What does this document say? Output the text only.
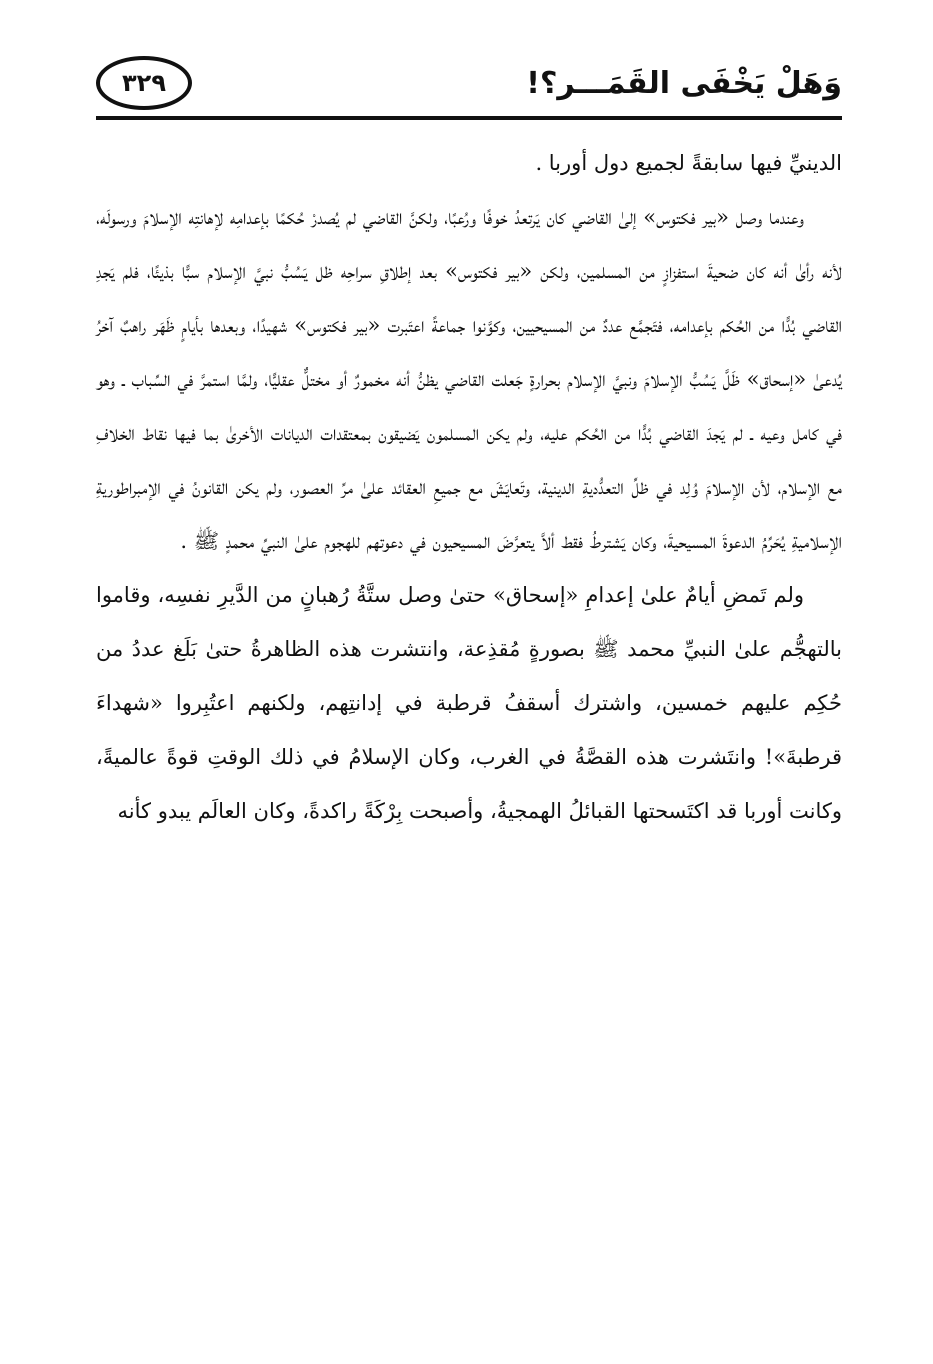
وَهَلْ يَخْفَى القَمَـــر؟!
٣٢٩

الدينيِّ فيها سابقةً لجميع دول أوربا .

وعندما وصل «بير فكتوس» إلىٰ القاضي كان يَرتعدُ خوفًا ورُعبًا، ولكنَّ القاضي لم يُصدرْ حُكمًا بإعدامِه لإهانتِه الإسلامَ ورسولَه، لأنه رأىٰ أنه كان ضحيةَ استفزازٍ من المسلمين، ولكن «بير فكتوس» بعد إطلاقِ سراحِه ظل يَسُبُّ نبيَّ الإسلام سبًّا بذيئًا، فلم يَجدِ القاضي بُدًّا من الحُكم بإعدامه، فتَجمَّع عددٌ من المسيحيين، وكوَّنوا جماعةً اعتَبرت «بير فكتوس» شهيدًا، وبعدها بأيامٍ ظَهَر راهبٌ آخرُ يُدعىٰ «إسحاق» ظَلَّ يَسُبُّ الإسلامَ ونبيَّ الإسلام بحرارةٍ جَعلت القاضي يظنُّ أنه مخمورٌ أو مختلٌّ عقليًّا، ولمَّا استمرَّ في السِّباب ـ وهو في كامل وعيه ـ لم يَجدَ القاضي بُدًّا من الحُكم عليه، ولم يكن المسلمون يَضيقون بمعتقدات الديانات الأخرىٰ بما فيها نقاط الخلافِ مع الإسلام، لأن الإسلامَ وُلِد في ظلِّ التعدُّديةِ الدينية، وتَعايَشَ مع جميعِ العقائد علىٰ مرِّ العصور، ولم يكن القانونُ في الإمبراطوريةِ الإسلاميةِ يُحَرِّمُ الدعوةَ المسيحيةَ، وكان يَشترطُ فقط ألاَّ يتعرَّضَ المسيحيون في دعوتهم للهجوم علىٰ النبيِّ محمدٍ ﷺ .

ولم تَمضِ أيامٌ علىٰ إعدامِ «إسحاق» حتىٰ وصل ستَّةُ رُهبانٍ من الدَّيرِ نفسِه، وقاموا بالتهجُّم علىٰ النبيِّ محمد ﷺ بصورةٍ مُقذِعة، وانتشرت هذه الظاهرةُ حتىٰ بَلَغ عددُ من حُكِم عليهم خمسين، واشترك أسقفُ قرطبة في إدانتِهم، ولكنهم اعتُبِروا «شهداءَ قرطبةَ»! وانتَشرت هذه القصَّةُ في الغرب، وكان الإسلامُ في ذلك الوقتِ قوةً عالميةً، وكانت أوربا قد اكتَسحتها القبائلُ الهمجيةُ، وأصبحت بِرْكَةً راكدةً، وكان العالَم يبدو كأنه
